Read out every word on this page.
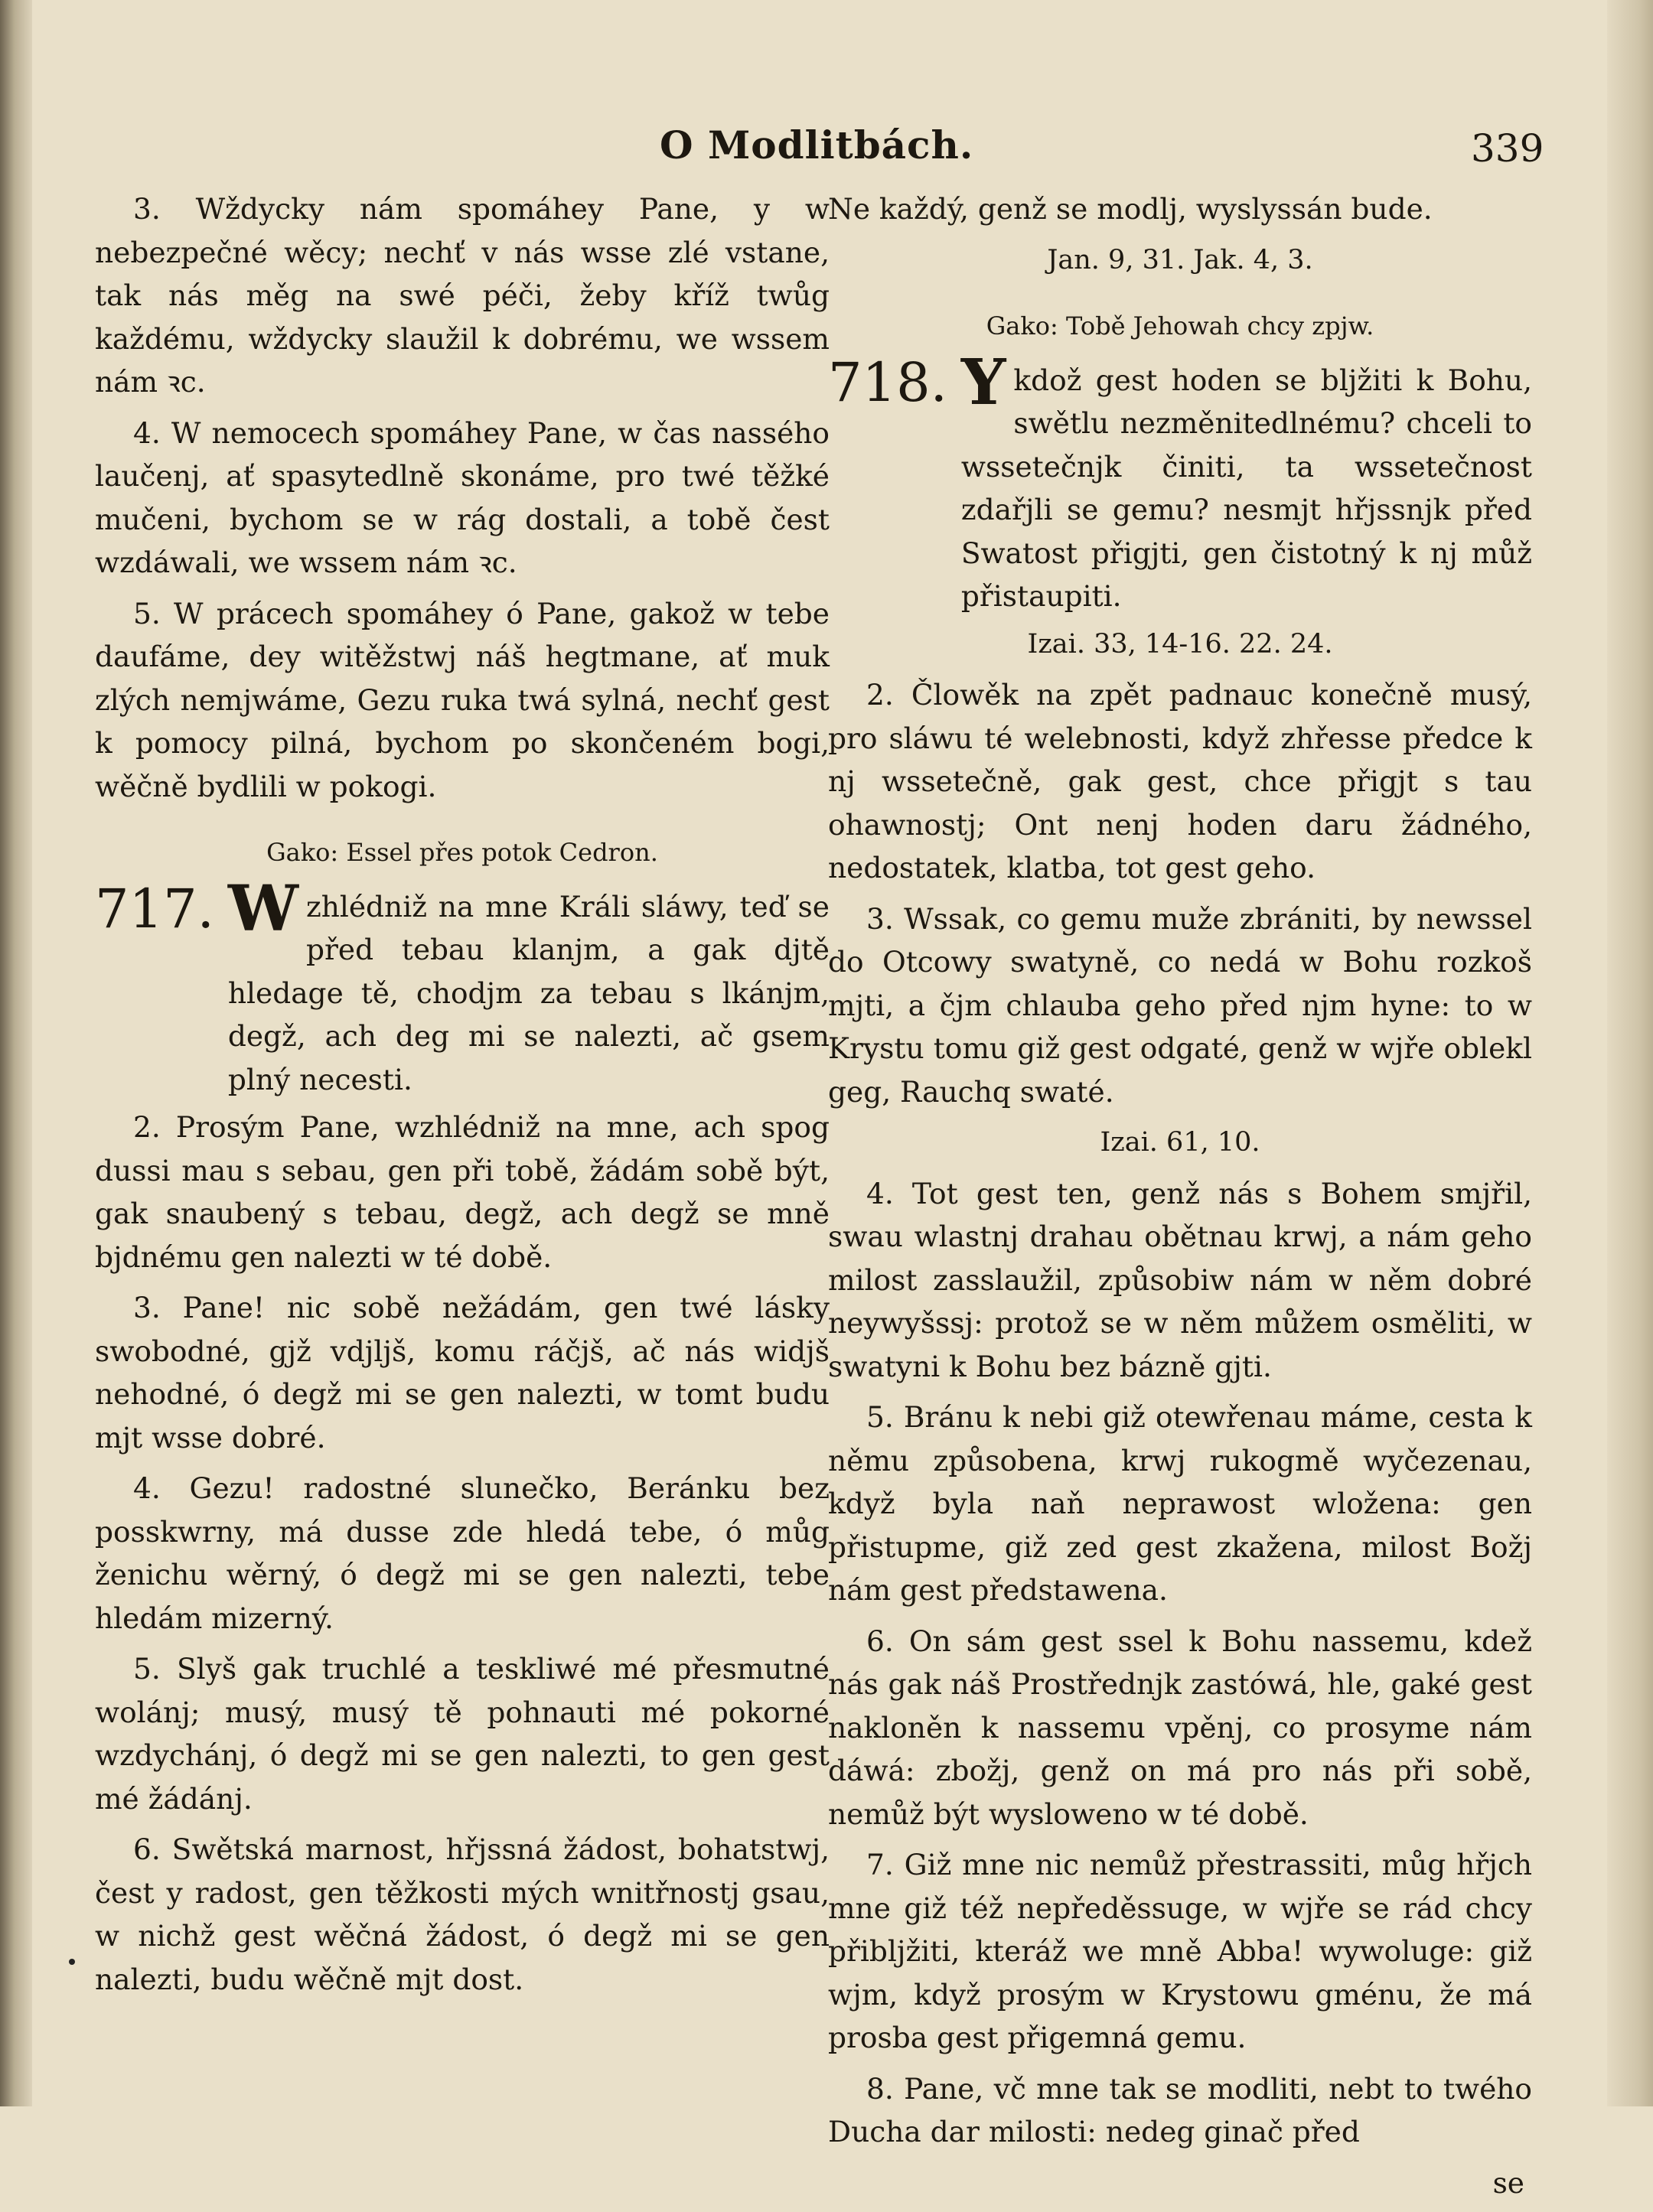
O Modlitbách.	339

3. Wždycky nám spomáhey Pane, y w nebezpečné wěcy; nechť v nás wsse zlé vstane, tak nás měg na swé péči, žeby kříž twůg každému, wždycky slaužil k dobrému, we wssem nám ꝛc.

4. W nemocech spomáhey Pane, w čas nassého laučenj, ať spasytedlně skonáme, pro twé těžké mučeni, bychom se w rág dostali, a tobě čest wzdáwali, we wssem nám ꝛc.

5. W prácech spomáhey ó Pane, gakož w tebe daufáme, dey witěžstwj náš hegtmane, ať muk zlých nemjwáme, Gezu ruka twá sylná, nechť gest k pomocy pilná, bychom po skončeném bogi, wěčně bydlili w pokogi.

Gako: Essel přes potok Cedron.

717. Wzhlédniž na mne Králi sláwy, teď se před tebau klanjm, a gak djtě hledage tě, chodjm za tebau s lkánjm, degž, ach deg mi se nalezti, ač gsem plný necesti.

2. Prosým Pane, wzhlédniž na mne, ach spog dussi mau s sebau, gen při tobě, žádám sobě být, gak snaubený s tebau, degž, ach degž se mně bjdnému gen nalezti w té době.

3. Pane! nic sobě nežádám, gen twé lásky swobodné, gjž vdjljš, komu ráčjš, ač nás widjš nehodné, ó degž mi se gen nalezti, w tomt budu mjt wsse dobré.

4. Gezu! radostné slunečko, Beránku bez posskwrny, má dusse zde hledá tebe, ó můg ženichu wěrný, ó degž mi se gen nalezti, tebe hledám mizerný.

5. Slyš gak truchlé a teskliwé mé přesmutné wolánj; musý, musý tě pohnauti mé pokorné wzdychánj, ó degž mi se gen nalezti, to gen gest mé žádánj.

6. Swětská marnost, hřjssná žádost, bohatstwj, čest y radost, gen těžkosti mých wnitřnostj gsau, w nichž gest wěčná žádost, ó degž mi se gen nalezti, budu wěčně mjt dost.

Ne každý, genž se modlj, wyslyssán bude.

Jan. 9, 31. Jak. 4, 3.

Gako: Tobě Jehowah chcy zpjw.

718. Ykdož gest hoden se blјžiti k Bohu, swětlu nezměnitedlnému? chceli to wssetečnjk činiti, ta wssetečnost zdařjli se gemu? nesmjt hřjssnjk před Swatost přigjti, gen čistotný k nj můž přistaupiti.

Izai. 33, 14-16. 22. 24.

2. Člowěk na zpět padnauc konečně musý, pro sláwu té welebnosti, když zhřesse předce k nj wssetečně, gak gest, chce přigjt s tau ohawnostj; Ont nenj hoden daru žádného, nedostatek, klatba, tot gest geho.

3. Wssak, co gemu muže zbrániti, by newssel do Otcowy swatyně, co nedá w Bohu rozkoš mjti, a čjm chlauba geho před njm hyne: to w Krystu tomu giž gest odgaté, genž w wjře oblekl geg, Rauchq swaté.

Izai. 61, 10.

4. Tot gest ten, genž nás s Bohem smjřil, swau wlastnj drahau obětnau krwj, a nám geho milost zasslaužil, způsobiw nám w něm dobré neywyšssj: protož se w něm můžem osměliti, w swatyni k Bohu bez bázně gjti.

5. Bránu k nebi giž otewřenau máme, cesta k němu způsobena, krwj rukogmě wyčezenau, když byla naň neprawost wložena: gen přistupme, giž zed gest zkažena, milost Božj nám gest předstawena.

6. On sám gest ssel k Bohu nassemu, kdež nás gak náš Prostřednjk zastówá, hle, gaké gest nakloněn k nassemu vpěnj, co prosyme nám dáwá: zbožj, genž on má pro nás při sobě, nemůž být wyslowеno w té době.

7. Giž mne nic nemůž přestrassiti, můg hřjch mne giž též nepředěssuge, w wjře se rád chcy přibljžiti, kteráž we mně Abba! wywoluge: giž wjm, když prosým w Krystowu gménu, že má prosba gest přigemná gemu.

8. Pane, vč mne tak se modliti, nebt to twého Ducha dar milosti: nedeg ginač před

se
